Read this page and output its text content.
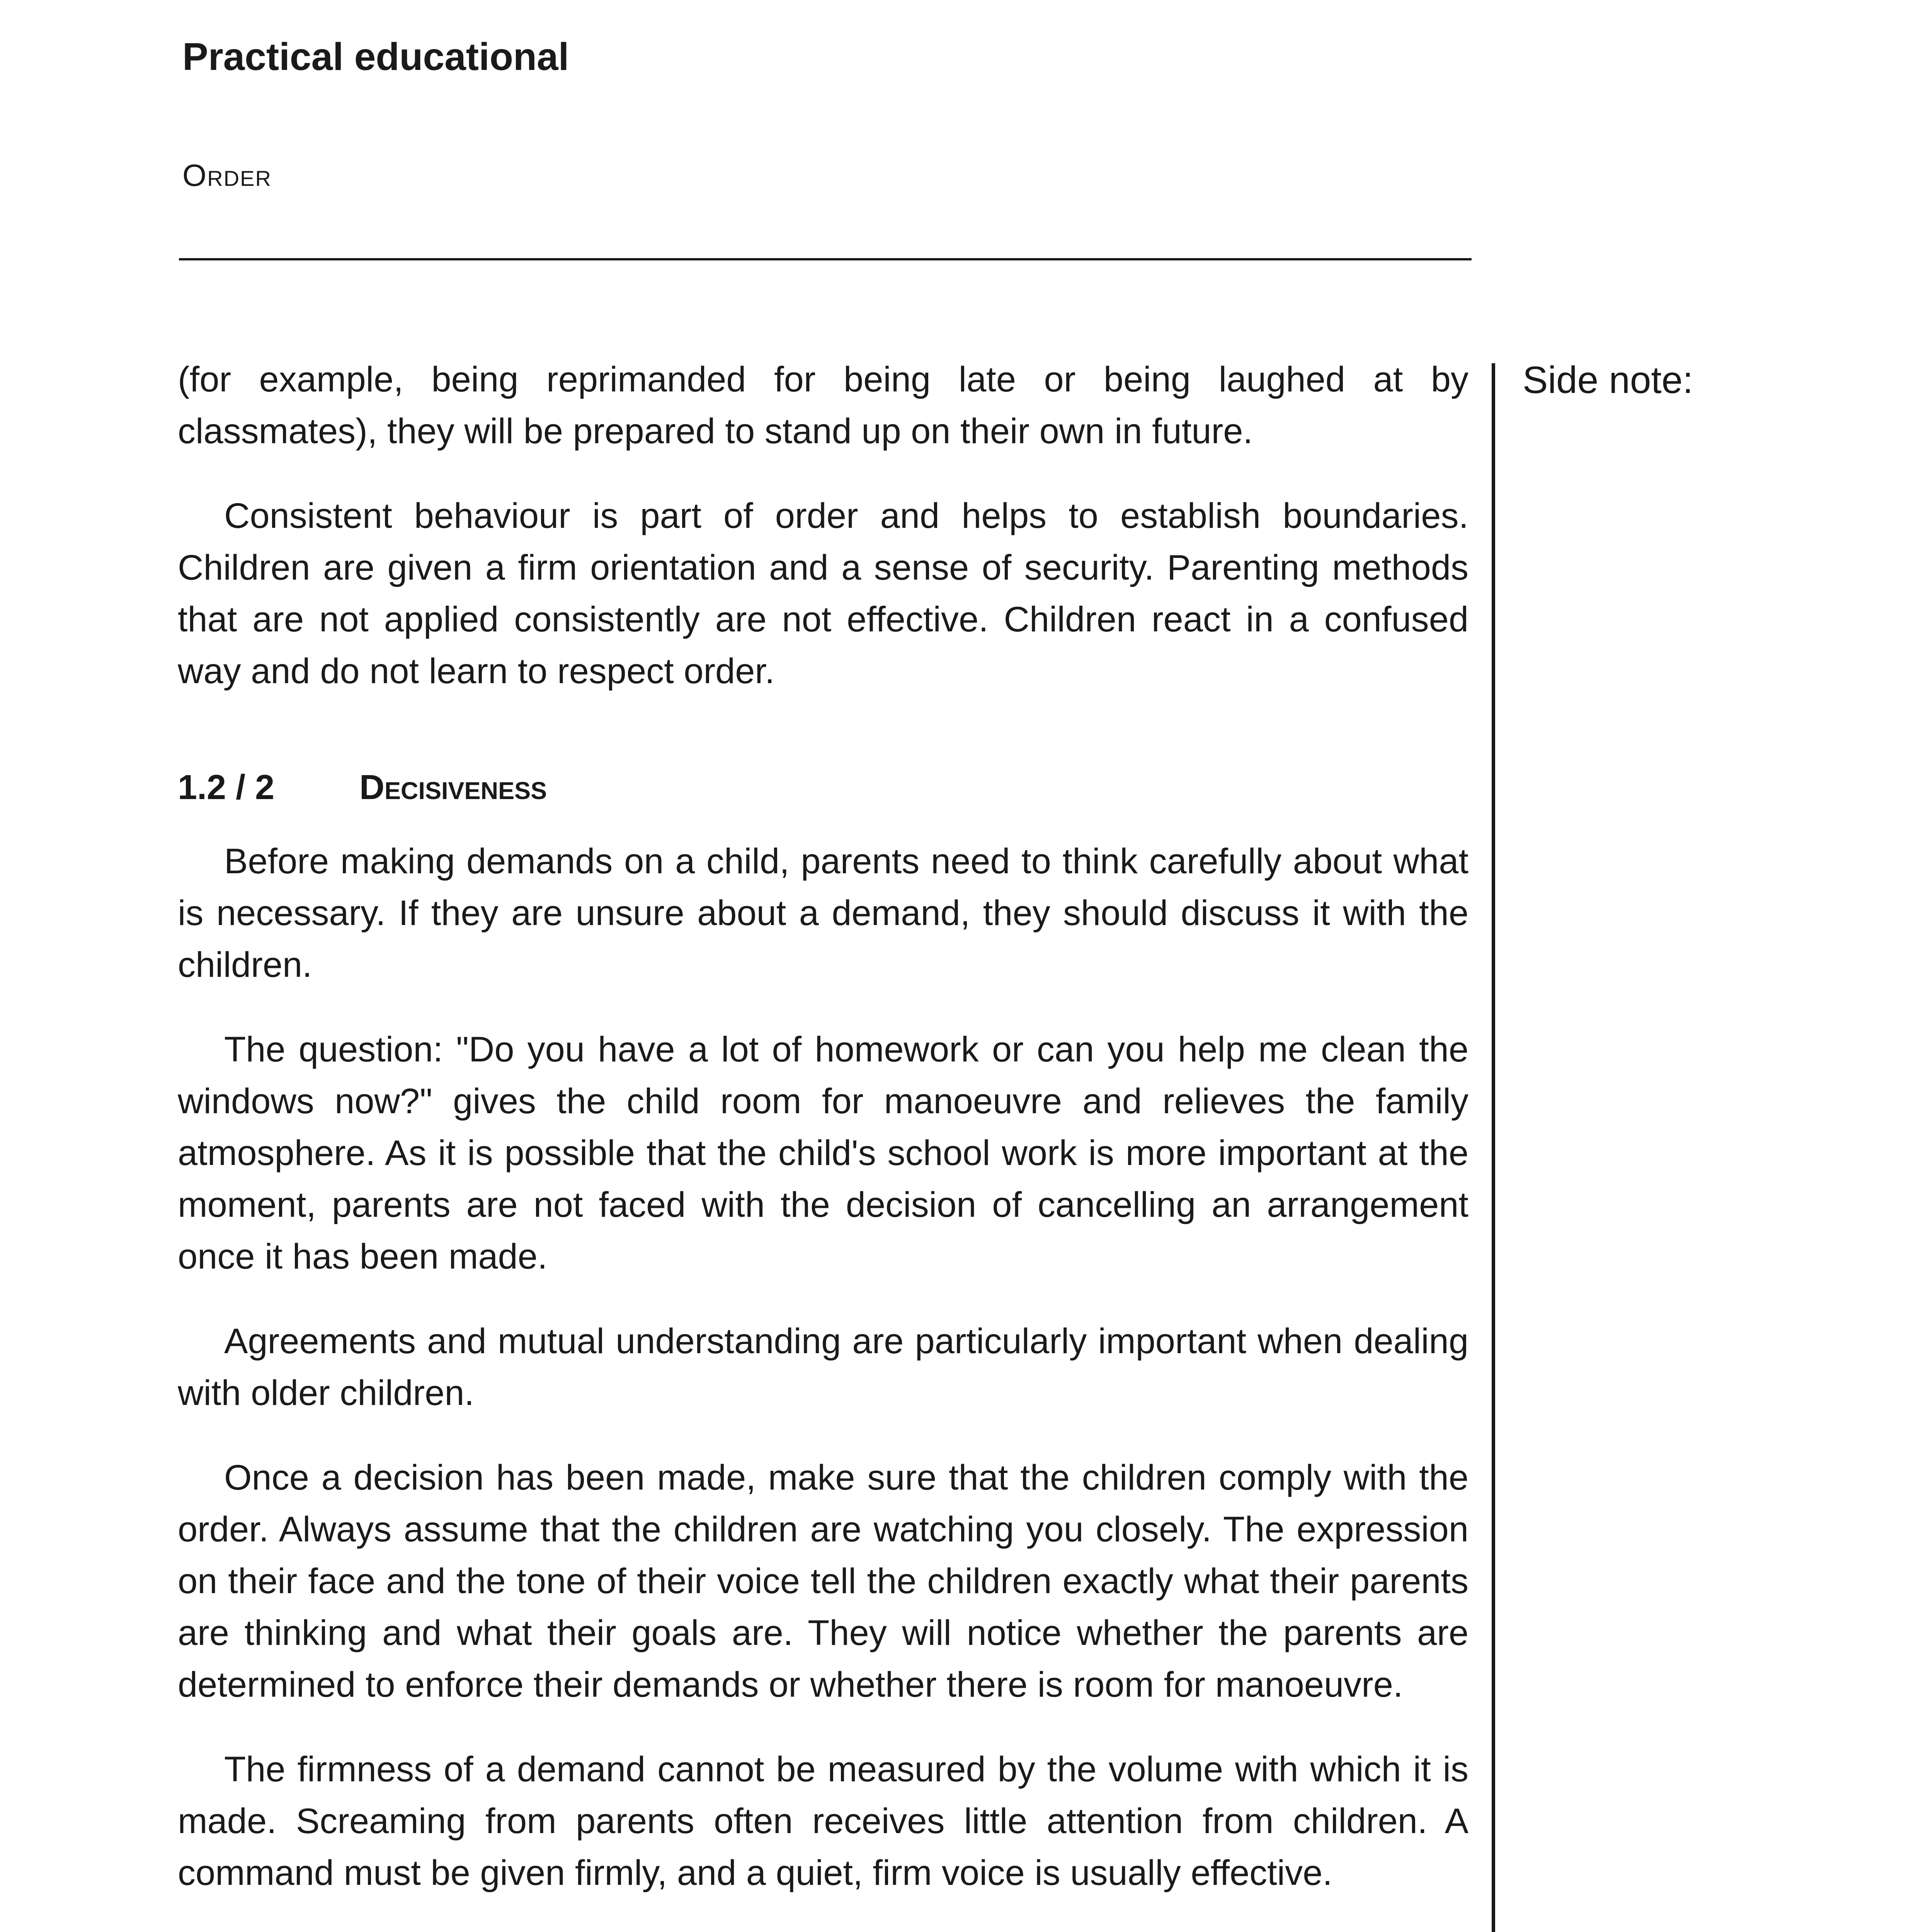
Practical educational
Order
Side note:

(for example, being reprimanded for being late or being laughed at by classmates), they will be prepared to stand up on their own in future.

Consistent behaviour is part of order and helps to establish boundaries. Children are given a firm orientation and a sense of security. Parenting methods that are not applied consistently are not effective. Children react in a confused way and do not learn to respect order.

1.2 / 2	Decisiveness

Before making demands on a child, parents need to think carefully about what is necessary. If they are unsure about a demand, they should discuss it with the children.

The question: "Do you have a lot of homework or can you help me clean the windows now?" gives the child room for manoeuvre and relieves the family atmosphere. As it is possible that the child's school work is more important at the moment, parents are not faced with the decision of cancelling an arrangement once it has been made.

Agreements and mutual understanding are particularly important when dealing with older children.

Once a decision has been made, make sure that the children comply with the order. Always assume that the children are watching you closely. The expression on their face and the tone of their voice tell the children exactly what their parents are thinking and what their goals are. They will notice whether the parents are determined to enforce their demands or whether there is room for manoeuvre.

The firmness of a demand cannot be measured by the volume with which it is made. Screaming from parents often receives little attention from children. A command must be given firmly, and a quiet, firm voice is usually effective.
